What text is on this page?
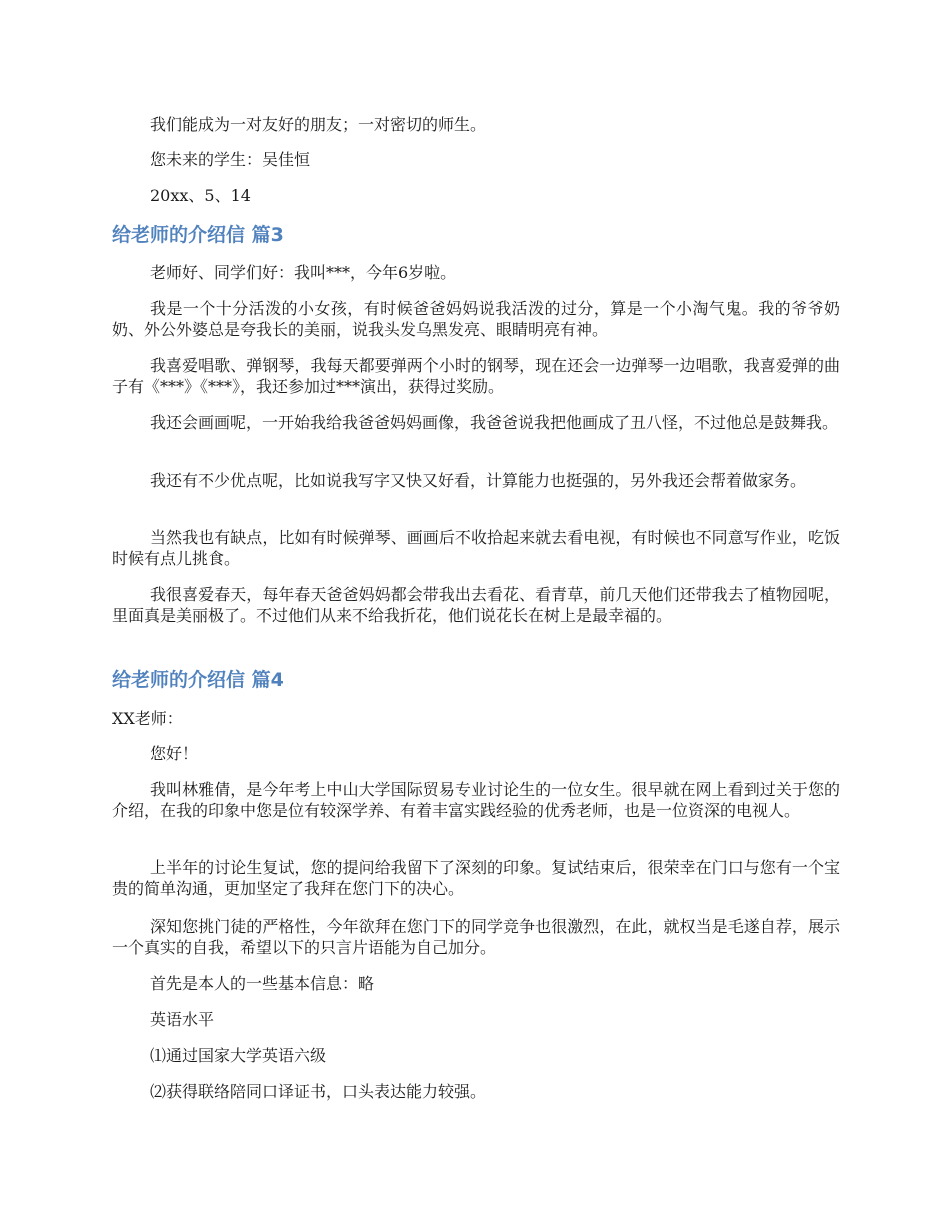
我们能成为一对友好的朋友；一对密切的师生。

您未来的学生：吴佳恒

20xx、5、14

给老师的介绍信 篇3

老师好、同学们好：我叫***，今年6岁啦。

我是一个十分活泼的小女孩，有时候爸爸妈妈说我活泼的过分，算是一个小淘气鬼。我的爷爷奶奶、外公外婆总是夸我长的美丽，说我头发乌黑发亮、眼睛明亮有神。

我喜爱唱歌、弹钢琴，我每天都要弹两个小时的钢琴，现在还会一边弹琴一边唱歌，我喜爱弹的曲子有《***》《***》，我还参加过***演出，获得过奖励。

我还会画画呢，一开始我给我爸爸妈妈画像，我爸爸说我把他画成了丑八怪，不过他总是鼓舞我。

我还有不少优点呢，比如说我写字又快又好看，计算能力也挺强的，另外我还会帮着做家务。

当然我也有缺点，比如有时候弹琴、画画后不收拾起来就去看电视，有时候也不同意写作业，吃饭时候有点儿挑食。

我很喜爱春天，每年春天爸爸妈妈都会带我出去看花、看青草，前几天他们还带我去了植物园呢，里面真是美丽极了。不过他们从来不给我折花，他们说花长在树上是最幸福的。

给老师的介绍信 篇4

XX老师：

您好！

我叫林雅倩，是今年考上中山大学国际贸易专业讨论生的一位女生。很早就在网上看到过关于您的介绍，在我的印象中您是位有较深学养、有着丰富实践经验的优秀老师，也是一位资深的电视人。

上半年的讨论生复试，您的提问给我留下了深刻的印象。复试结束后，很荣幸在门口与您有一个宝贵的简单沟通，更加坚定了我拜在您门下的决心。

深知您挑门徒的严格性，今年欲拜在您门下的同学竞争也很激烈，在此，就权当是毛遂自荐，展示一个真实的自我，希望以下的只言片语能为自己加分。

首先是本人的一些基本信息：略

英语水平

⑴通过国家大学英语六级

⑵获得联络陪同口译证书，口头表达能力较强。
